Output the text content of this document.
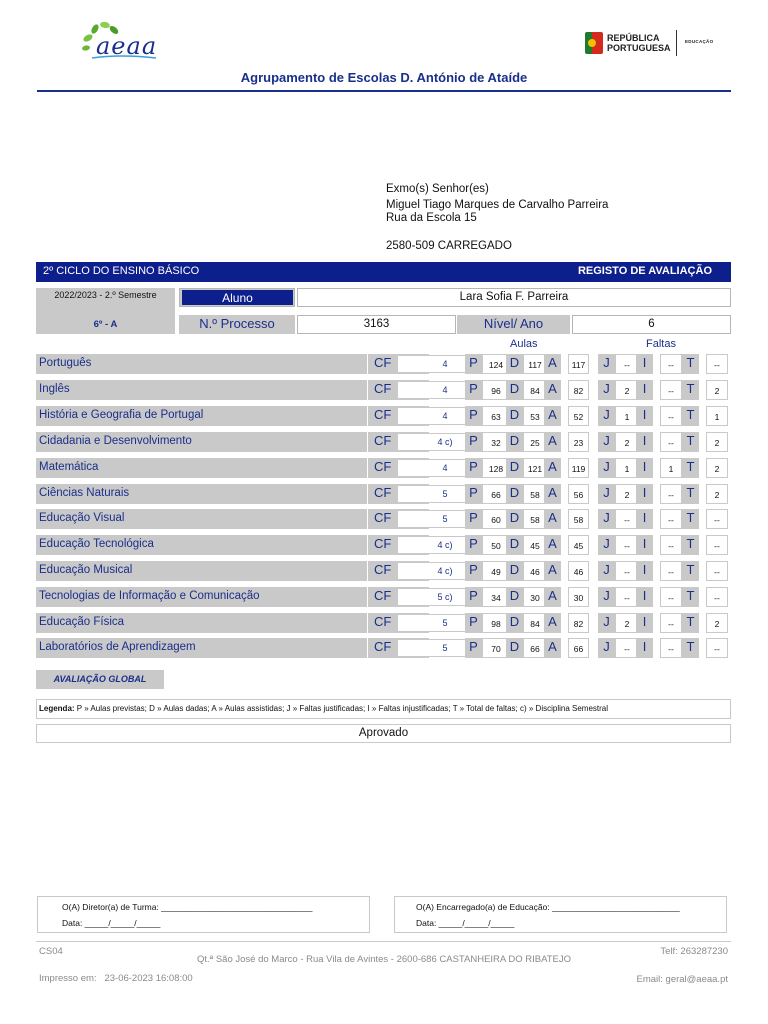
aeaa	REPÚBLICA
PORTUGUESA
EDUCAÇÃO
Agrupamento de Escolas D. António de Ataíde
Exmo(s) Senhor(es)
Miguel Tiago Marques de Carvalho Parreira
Rua da Escola 15
2580-509 CARREGADO
2º CICLO DO ENSINO BÁSICO	REGISTO DE AVALIAÇÃO
2022/2023 - 2.º Semestre
6º - A
Aluno	Lara Sofia F. Parreira
N.º Processo	3163	Nível/ Ano	6
Aulas	Faltas
Português	CF	4	P	124 D	117 A	117	J	-- I	-- T	--
Inglês	CF	4	P	96 D	84 A	82	J	2	I	-- T	2
História e Geografia de Portugal	CF	4	P	63 D	53 A	52	J	1	I	-- T	1
Cidadania e Desenvolvimento	CF	4 c)	P	32 D	25 A	23	J	2	I	-- T	2
Matemática	CF	4	P	128 D	121 A	119	J	1	I	1	T	2
Ciências Naturais	CF	5	P	66 D	58 A	56	J	2	I	-- T	2
Educação Visual	CF	5	P	60 D	58 A	58	J	-- I	-- T	--
Educação Tecnológica	CF	4 c)	P	50 D	45 A	45	J	-- I	-- T	--
Educação Musical	CF	4 c)	P	49 D	46 A	46	J	-- I	-- T	--
Tecnologias de Informação e Comunicação	CF	5 c)	P	34 D	30 A	30	J	-- I	-- T	--
Educação Física	CF	5	P	98 D	84 A	82	J	2	I	-- T	2
Laboratórios de Aprendizagem	CF	5	P	70 D	66 A	66	J	-- I	-- T	--
AVALIAÇÃO GLOBAL
Legenda: P » Aulas previstas; D » Aulas dadas; A » Aulas assistidas; J » Faltas justificadas; I » Faltas injustificadas; T » Total de faltas; c) » Disciplina Semestral
Aprovado
O(A) Diretor(a) de Turma: ________________________________
Data: _____/_____/_____
O(A) Encarregado(a) de Educação: ___________________________
Data: _____/_____/_____
CS04	Telf: 263287230
Qt.ª São José do Marco - Rua Vila de Avintes - 2600-686 CASTANHEIRA DO RIBATEJO
Impresso em: 23-06-2023 16:08:00	Email: geral@aeaa.pt
